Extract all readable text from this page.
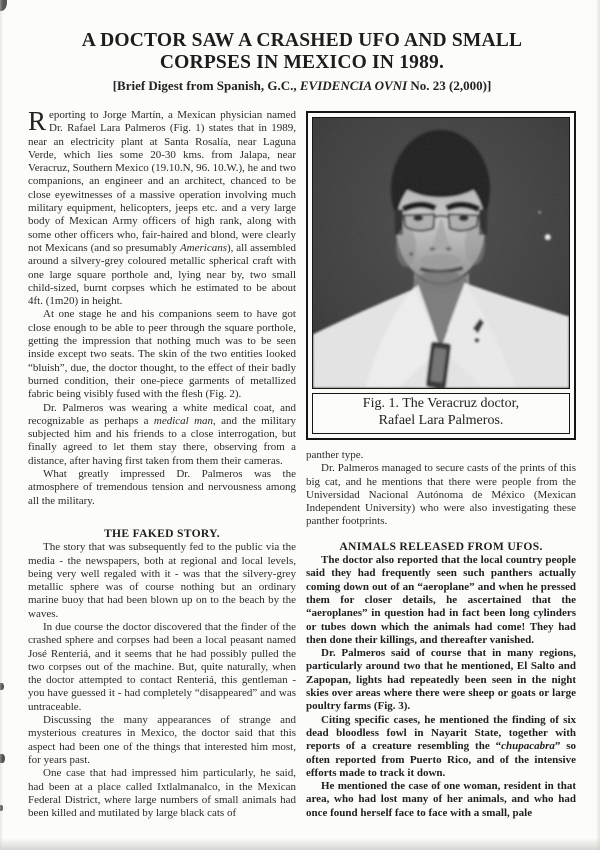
A DOCTOR SAW A CRASHED UFO AND SMALL
CORPSES IN MEXICO IN 1989.
[Brief Digest from Spanish, G.C., EVIDENCIA OVNI No. 23 (2,000)]

Reporting to Jorge Martín, a Mexican physician named Dr. Rafael Lara Palmeros (Fig. 1) states that in 1989, near an electricity plant at Santa Rosalía, near Laguna Verde, which lies some 20-30 kms. from Jalapa, near Veracruz, Southern Mexico (19.10.N, 96. 10.W.), he and two companions, an engineer and an architect, chanced to be close eyewitnesses of a massive operation involving much military equipment, helicopters, jeeps etc. and a very large body of Mexican Army officers of high rank, along with some other officers who, fair-haired and blond, were clearly not Mexicans (and so presumably Americans), all assembled around a silvery-grey coloured metallic spherical craft with one large square porthole and, lying near by, two small child-sized, burnt corpses which he estimated to be about 4ft. (1m20) in height.

At one stage he and his companions seem to have got close enough to be able to peer through the square porthole, getting the impression that nothing much was to be seen inside except two seats. The skin of the two entities looked “bluish”, due, the doctor thought, to the effect of their badly burned condition, their one-piece garments of metallized fabric being visibly fused with the flesh (Fig. 2).

Dr. Palmeros was wearing a white medical coat, and recognizable as perhaps a medical man, and the military subjected him and his friends to a close interrogation, but finally agreed to let them stay there, observing from a distance, after having first taken from them their cameras.

What greatly impressed Dr. Palmeros was the atmosphere of tremendous tension and nervousness among all the military.

THE FAKED STORY.

The story that was subsequently fed to the public via the media - the newspapers, both at regional and local levels, being very well regaled with it - was that the silvery-grey metallic sphere was of course nothing but an ordinary marine buoy that had been blown up on to the beach by the waves.

In due course the doctor discovered that the finder of the crashed sphere and corpses had been a local peasant named José Renteriá, and it seems that he had possibly pulled the two corpses out of the machine. But, quite naturally, when the doctor attempted to contact Renteriá, this gentleman - you have guessed it - had completely “disappeared” and was untraceable.

Discussing the many appearances of strange and mysterious creatures in Mexico, the doctor said that this aspect had been one of the things that interested him most, for years past.

One case that had impressed him particularly, he said, had been at a place called Ixtlalmanalco, in the Mexican Federal District, where large numbers of small animals had been killed and mutilated by large black cats of

Fig. 1. The Veracruz doctor,
Rafael Lara Palmeros.

panther type.

Dr. Palmeros managed to secure casts of the prints of this big cat, and he mentions that there were people from the Universidad Nacional Autónoma de México (Mexican Independent University) who were also investigating these panther footprints.

ANIMALS RELEASED FROM UFOS.

The doctor also reported that the local country people said they had frequently seen such panthers actually coming down out of an “aeroplane” and when he pressed them for closer details, he ascertained that the “aeroplanes” in question had in fact been long cylinders or tubes down which the animals had come! They had then done their killings, and thereafter vanished.

Dr. Palmeros said of course that in many regions, particularly around two that he mentioned, El Salto and Zapopan, lights had repeatedly been seen in the night skies over areas where there were sheep or goats or large poultry farms (Fig. 3).

Citing specific cases, he mentioned the finding of six dead bloodless fowl in Nayarit State, together with reports of a creature resembling the “chupacabra” so often reported from Puerto Rico, and of the intensive efforts made to track it down.

He mentioned the case of one woman, resident in that area, who had lost many of her animals, and who had once found herself face to face with a small, pale
